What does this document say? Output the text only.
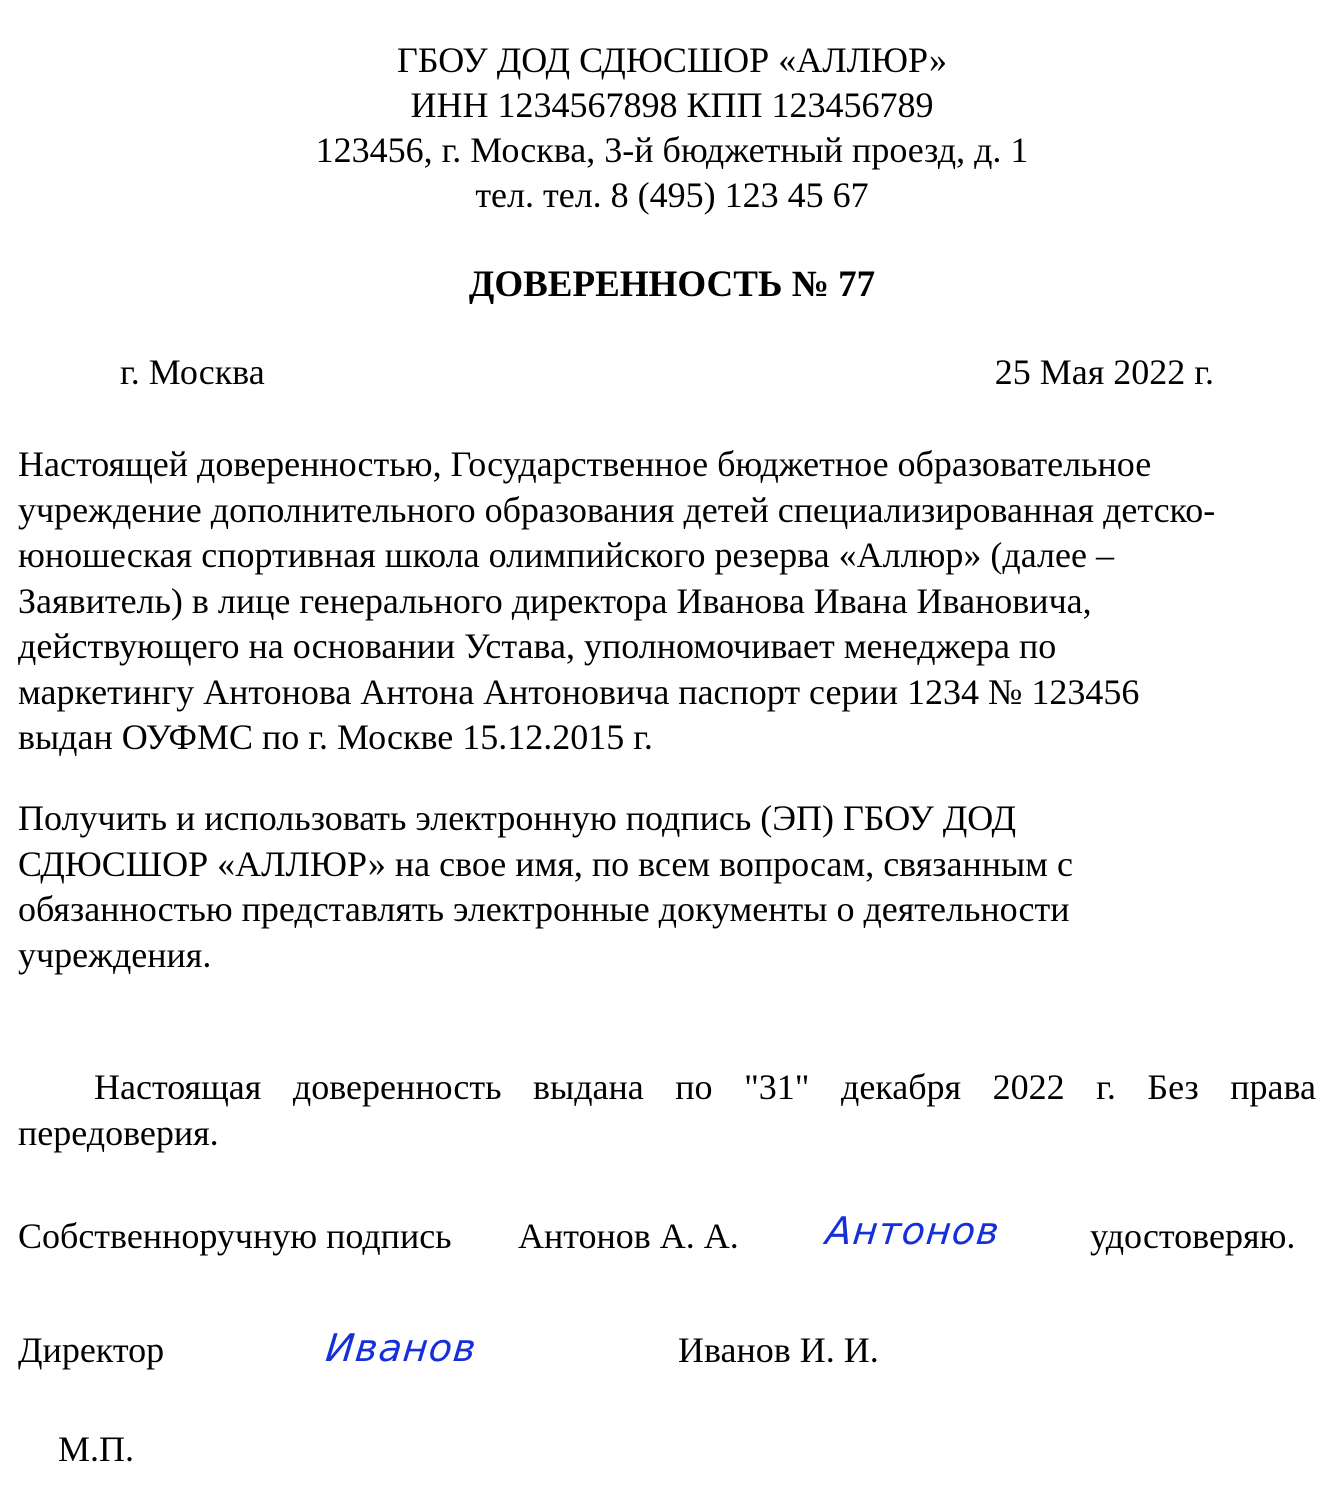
ГБОУ ДОД СДЮСШОР «АЛЛЮР»
ИНН 1234567898 КПП 123456789
123456, г. Москва, 3-й бюджетный проезд, д. 1
тел. тел. 8 (495) 123 45 67
ДОВЕРЕННОСТЬ № 77
г. Москва	25 Мая 2022 г.
Настоящей доверенностью, Государственное бюджетное образовательное
учреждение дополнительного образования детей специализированная детско-
юношеская спортивная школа олимпийского резерва «Аллюр» (далее –
Заявитель) в лице генерального директора Иванова Ивана Ивановича,
действующего на основании Устава, уполномочивает менеджера по
маркетингу Антонова Антона Антоновича паспорт серии 1234 № 123456
выдан ОУФМС по г. Москве 15.12.2015 г.
Получить и использовать электронную подпись (ЭП) ГБОУ ДОД
СДЮСШОР «АЛЛЮР» на свое имя, по всем вопросам, связанным с
обязанностью представлять электронные документы о деятельности
учреждения.
Настоящая доверенность выдана по "31" декабря 2022 г. Без права
передоверия.
Собственноручную подпись Антонов А. А. Антонов удостоверяю.
Директор	Иванов	Иванов И. И.
М.П.
